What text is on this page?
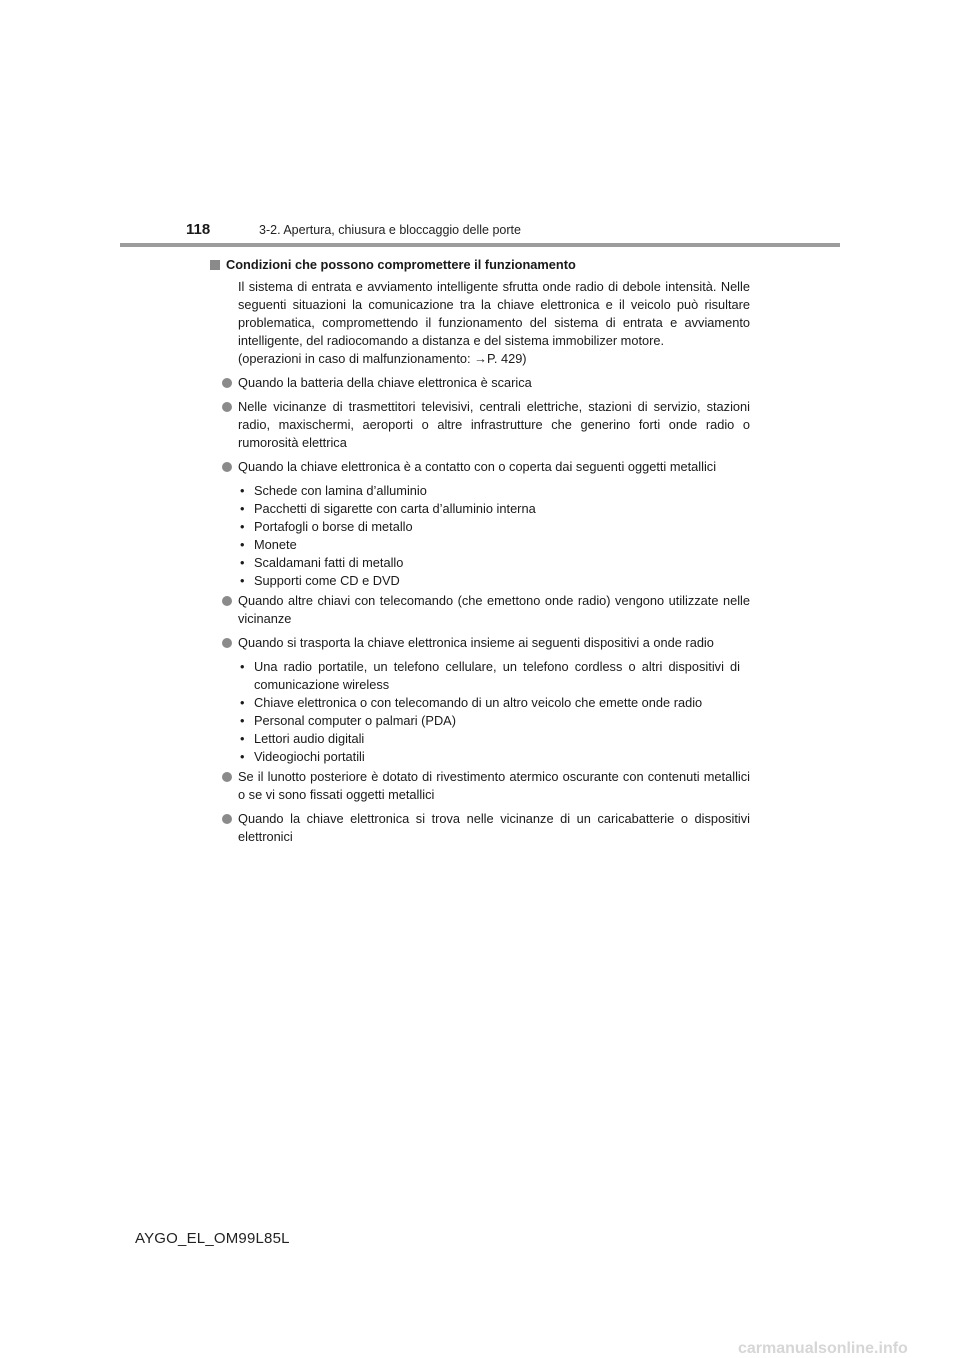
118	3-2. Apertura, chiusura e bloccaggio delle porte
Condizioni che possono compromettere il funzionamento

Il sistema di entrata e avviamento intelligente sfrutta onde radio di debole intensità. Nelle seguenti situazioni la comunicazione tra la chiave elettronica e il veicolo può risultare problematica, compromettendo il funzionamento del sistema di entrata e avviamento intelligente, del radiocomando a distanza e del sistema immobilizer motore.

(operazioni in caso di malfunzionamento: →P. 429)

Quando la batteria della chiave elettronica è scarica
Nelle vicinanze di trasmettitori televisivi, centrali elettriche, stazioni di servizio, stazioni radio, maxischermi, aeroporti o altre infrastrutture che generino forti onde radio o rumorosità elettrica
Quando la chiave elettronica è a contatto con o coperta dai seguenti oggetti metallici
• Schede con lamina d’alluminio
• Pacchetti di sigarette con carta d’alluminio interna
• Portafogli o borse di metallo
• Monete
• Scaldamani fatti di metallo
• Supporti come CD e DVD
Quando altre chiavi con telecomando (che emettono onde radio) vengono utilizzate nelle vicinanze
Quando si trasporta la chiave elettronica insieme ai seguenti dispositivi a onde radio
• Una radio portatile, un telefono cellulare, un telefono cordless o altri dispositivi di comunicazione wireless
• Chiave elettronica o con telecomando di un altro veicolo che emette onde radio
• Personal computer o palmari (PDA)
• Lettori audio digitali
• Videogiochi portatili
Se il lunotto posteriore è dotato di rivestimento atermico oscurante con contenuti metallici o se vi sono fissati oggetti metallici
Quando la chiave elettronica si trova nelle vicinanze di un caricabatterie o dispositivi elettronici
AYGO_EL_OM99L85L
carmanualsonline.info
